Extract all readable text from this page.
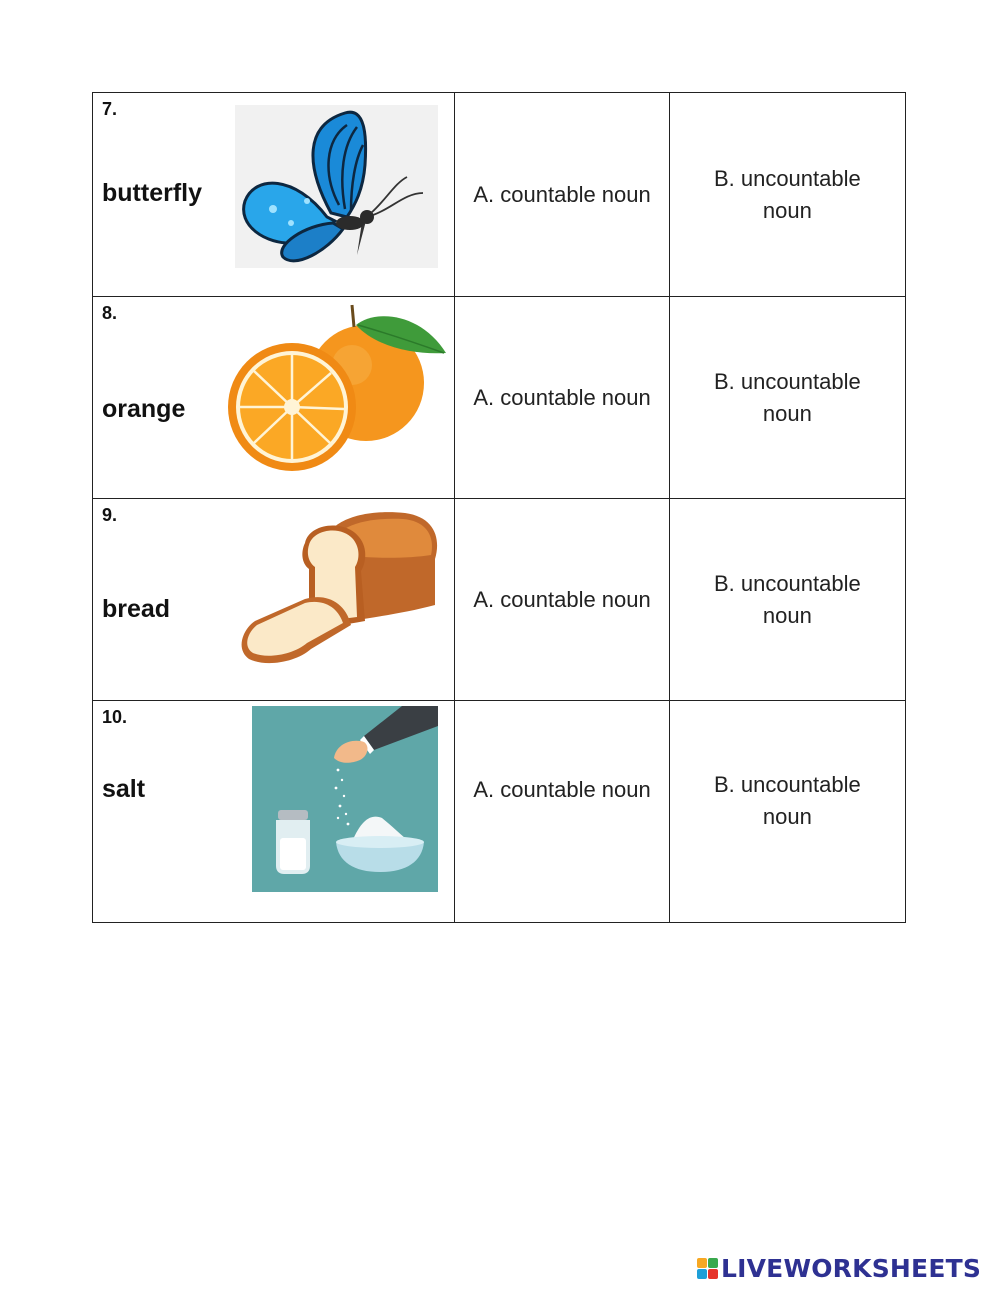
7.
butterfly	A. countable noun	B. uncountable noun

8.
orange	A. countable noun	B. uncountable noun

9.
bread	A. countable noun	B. uncountable noun

10.
salt	A. countable noun	B. uncountable noun
LIVEWORKSHEETS
